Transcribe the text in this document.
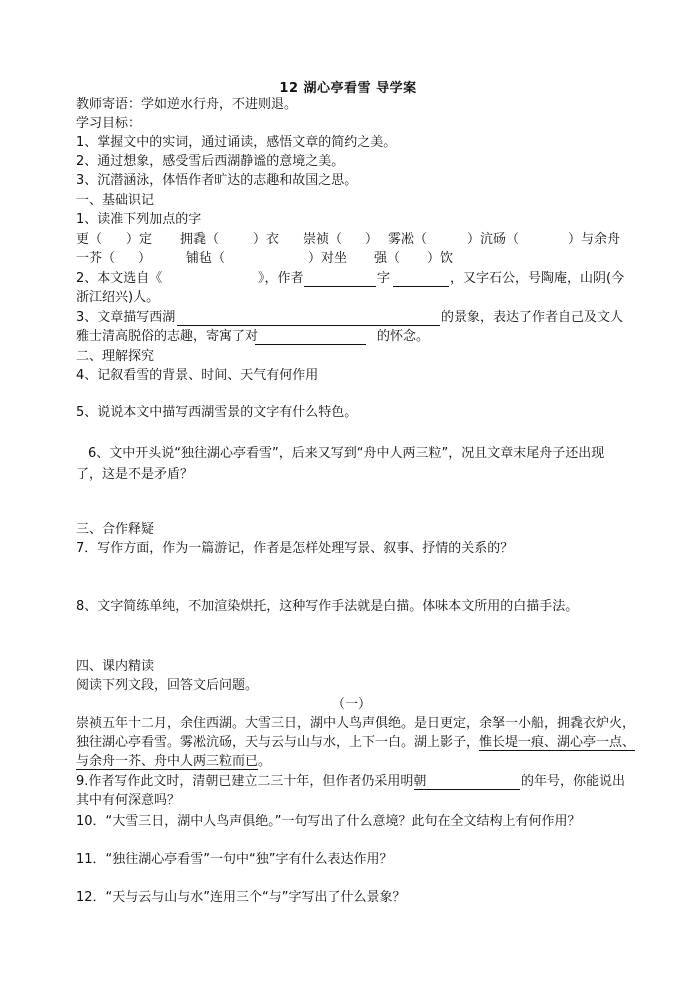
12 湖心亭看雪 导学案
教师寄语：学如逆水行舟，不进则退。
学习目标：
1、掌握文中的实词，通过诵读，感悟文章的简约之美。
2、通过想象，感受雪后西湖静谧的意境之美。
3、沉潜涵泳，体悟作者旷达的志趣和故国之思。
一、基础识记
1、读准下列加点的字
更（ ）定 拥毳（	）衣 崇祯（ ） 雾凇（	）沆砀（	）与余舟
一芥（ ）	铺毡（	）对坐 强（ ）饮
2、本文选自《	》，作者	字	，又字石公，号陶庵，山阴(今
浙江绍兴)人。
3、文章描写西湖	的景象，表达了作者自己及文人
雅士清高脱俗的志趣，寄寓了对	的怀念。
二、理解探究
4、记叙看雪的背景、时间、天气有何作用
5、说说本文中描写西湖雪景的文字有什么特色。
6、文中开头说“独往湖心亭看雪”，后来又写到“舟中人两三粒”，况且文章末尾舟子还出现
了，这是不是矛盾？
三、合作释疑
7．写作方面，作为一篇游记，作者是怎样处理写景、叙事、抒情的关系的？
8、文字简练单纯，不加渲染烘托，这种写作手法就是白描。体味本文所用的白描手法。
四、课内精读
阅读下列文段，回答文后问题。
（一）
崇祯五年十二月，余住西湖。大雪三日，湖中人鸟声俱绝。是日更定，余拏一小船，拥毳衣炉火，
独往湖心亭看雪。雾凇沆砀，天与云与山与水，上下一白。湖上影子，惟长堤一痕、湖心亭一点、
与余舟一芥、舟中人两三粒而已。
9.作者写作此文时，清朝已建立二三十年，但作者仍采用明朝	的年号，你能说出
其中有何深意吗？
10．“大雪三日，湖中人鸟声俱绝。”一句写出了什么意境？此句在全文结构上有何作用？
11．“独往湖心亭看雪”一句中“独”字有什么表达作用？
12．“天与云与山与水”连用三个“与”字写出了什么景象？
